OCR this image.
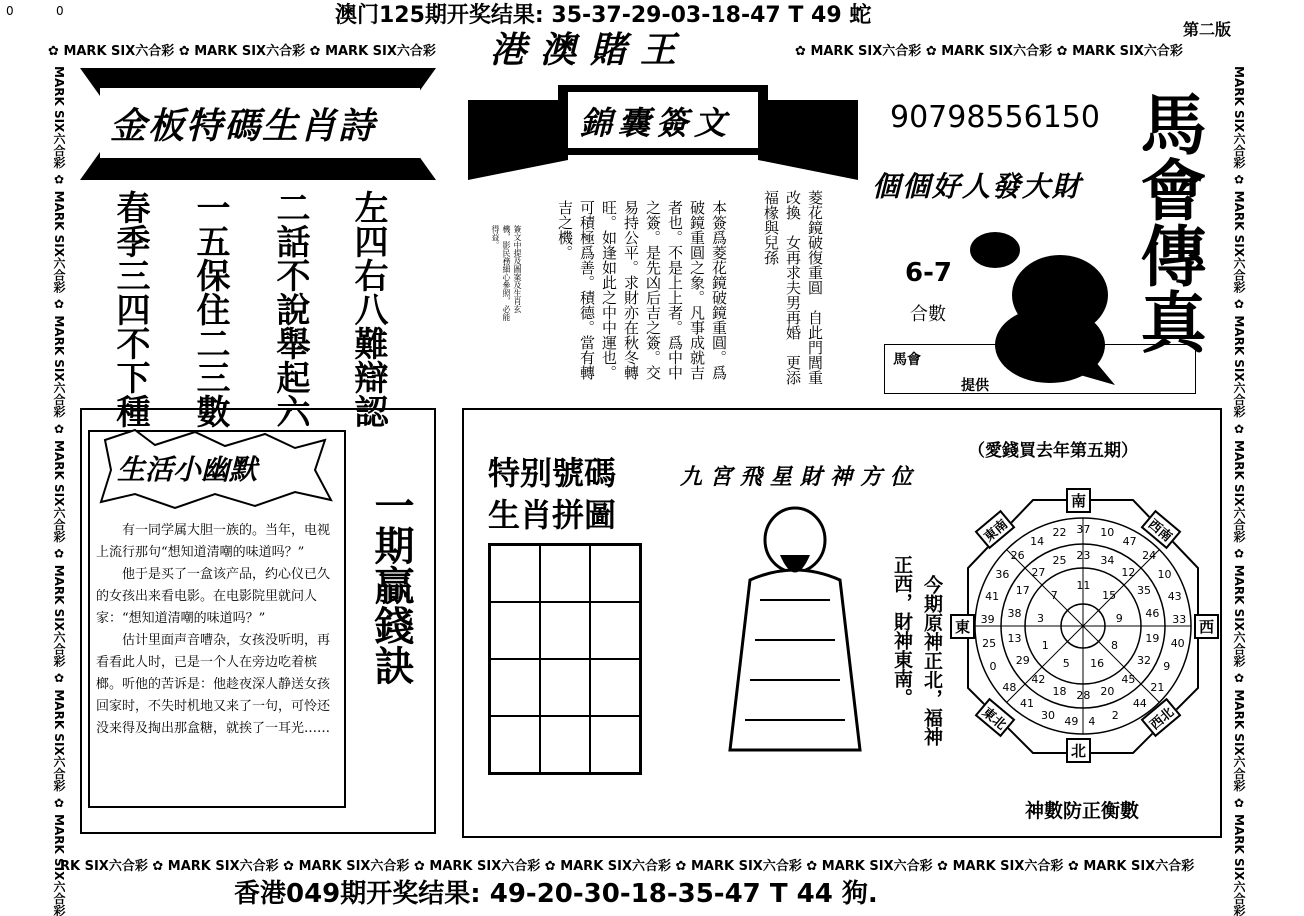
0	0	澳门125期开奖结果: 35-37-29-03-18-47 T 49 蛇
第二版
港澳賭王
✿ MARK SIX六合彩 ✿ MARK SIX六合彩 ✿ MARK SIX六合彩	✿ MARK SIX六合彩 ✿ MARK SIX六合彩 ✿ MARK SIX六合彩
MARK SIX六合彩 ✿ MARK SIX六合彩 ✿ MARK SIX六合彩 ✿ MARK SIX六合彩 ✿ MARK SIX六合彩 ✿ MARK SIX六合彩 ✿ MARK SIX六合彩
MARK SIX六合彩 ✿ MARK SIX六合彩 ✿ MARK SIX六合彩 ✿ MARK SIX六合彩 ✿ MARK SIX六合彩 ✿ MARK SIX六合彩 ✿ MARK SIX六合彩
RK SIX六合彩 ✿ MARK SIX六合彩 ✿ MARK SIX六合彩 ✿ MARK SIX六合彩 ✿ MARK SIX六合彩 ✿ MARK SIX六合彩 ✿ MARK SIX六合彩 ✿ MARK SIX六合彩 ✿ MARK SIX六合彩
香港049期开奖结果: 49-20-30-18-35-47 T 44 狗.
金板特碼生肖詩
左四右八難辯認
二話不說舉起六
一五保住二三數
春季三四不下種
錦囊簽文
菱花鏡破復重圓　自此門閭重改換　女再求夫男再婚　更添福椽與兒孫
本簽爲菱花鏡破鏡重圓。爲破鏡重圓之象。凡事成就吉者也。不是上上者。爲中中之簽。是先凶后吉之簽。交易持公平。求財亦在秋冬轉旺。如逢如此之中中運也。可積極爲善。積德。當有轉吉之機。
簽文中提及圖案及生肖玄機，影民務細心參照，必能得益。
90798556150
個個好人發大財 馬會傳真
6-7
合數
馬會
提供
生活小幽默

有一同学属大胆一族的。当年，电视上流行那句“想知道清嘲的味道吗？”

他于是买了一盒该产品，约心仪已久的女孩出来看电影。在电影院里就问人家：“想知道清嘲的味道吗？”

估计里面声音嘈杂，女孩没听明，再看看此人时，已是一个人在旁边吃着槟榔。听他的苦诉是：他趁夜深人静送女孩回家时，不失时机地又来了一句，可怜还没来得及掏出那盒糖，就挨了一耳光……

一期贏錢訣
特别號碼
生肖拼圖
九宮飛星財神方位
正西，財神東南。 今期原神正北，福神
（愛錢買去年第五期）
南
北
東	西
東南	西南
東北	西北
37 10
47
24
10
43
33
40
9
21
44
2
4
49
30
41
48
0
25
39
41
36
26
14
22
23 34
12
35
46
19
32
45
20
28
18
42
29
13
38
17
27
25
11
15
9
8
16
5
1
3
7
神數防正衡數
